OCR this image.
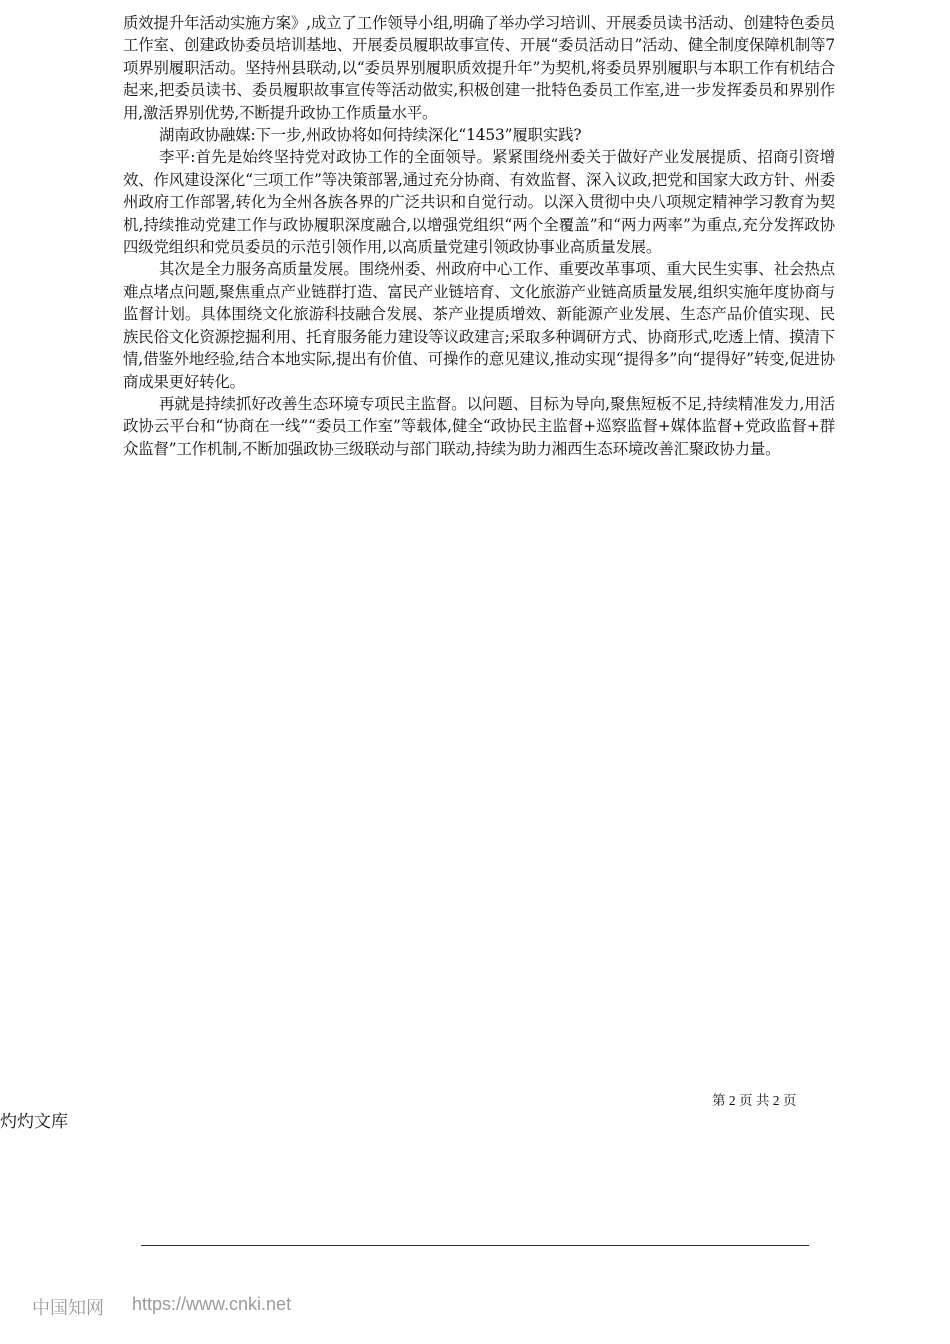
质效提升年活动实施方案》,成立了工作领导小组,明确了举办学习培训、开展委员读书活动、创建特色委员工作室、创建政协委员培训基地、开展委员履职故事宣传、开展“委员活动日”活动、健全制度保障机制等7项界别履职活动。坚持州县联动,以“委员界别履职质效提升年”为契机,将委员界别履职与本职工作有机结合起来,把委员读书、委员履职故事宣传等活动做实,积极创建一批特色委员工作室,进一步发挥委员和界别作用,激活界别优势,不断提升政协工作质量水平。

湖南政协融媒:下一步,州政协将如何持续深化“1453”履职实践?

李平:首先是始终坚持党对政协工作的全面领导。紧紧围绕州委关于做好产业发展提质、招商引资增效、作风建设深化“三项工作”等决策部署,通过充分协商、有效监督、深入议政,把党和国家大政方针、州委州政府工作部署,转化为全州各族各界的广泛共识和自觉行动。以深入贯彻中央八项规定精神学习教育为契机,持续推动党建工作与政协履职深度融合,以增强党组织“两个全覆盖”和“两力两率”为重点,充分发挥政协四级党组织和党员委员的示范引领作用,以高质量党建引领政协事业高质量发展。

其次是全力服务高质量发展。围绕州委、州政府中心工作、重要改革事项、重大民生实事、社会热点难点堵点问题,聚焦重点产业链群打造、富民产业链培育、文化旅游产业链高质量发展,组织实施年度协商与监督计划。具体围绕文化旅游科技融合发展、茶产业提质增效、新能源产业发展、生态产品价值实现、民族民俗文化资源挖掘利用、托育服务能力建设等议政建言;采取多种调研方式、协商形式,吃透上情、摸清下情,借鉴外地经验,结合本地实际,提出有价值、可操作的意见建议,推动实现“提得多”向“提得好”转变,促进协商成果更好转化。

再就是持续抓好改善生态环境专项民主监督。以问题、目标为导向,聚焦短板不足,持续精准发力,用活政协云平台和“协商在一线”“委员工作室”等载体,健全“政协民主监督+巡察监督+媒体监督+党政监督+群众监督”工作机制,不断加强政协三级联动与部门联动,持续为助力湘西生态环境改善汇聚政协力量。

第 2 页 共 2 页
灼灼文库
中国知网 https://www.cnki.net
